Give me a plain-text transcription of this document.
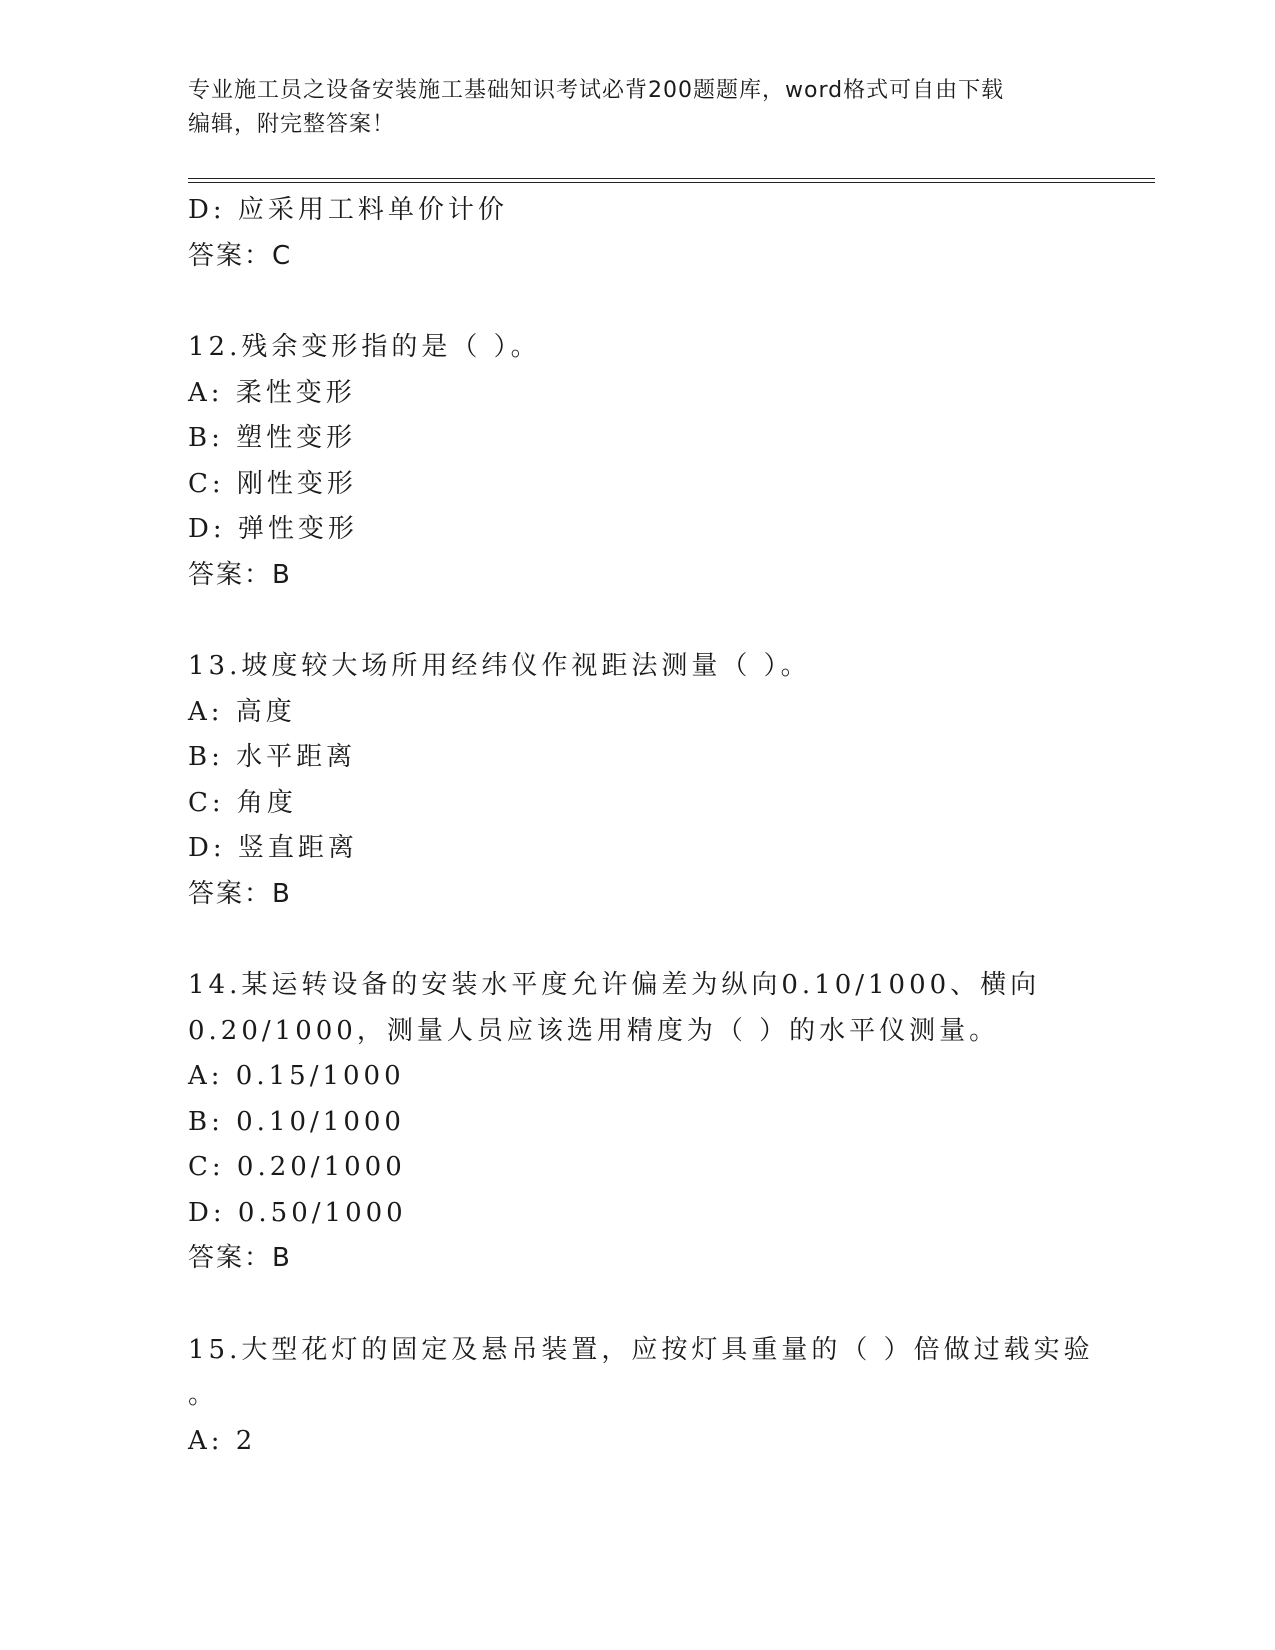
专业施工员之设备安装施工基础知识考试必背200题题库，word格式可自由下载
编辑，附完整答案！
D: 应采用工料单价计价
答案：C
12.残余变形指的是（ ）。
A: 柔性变形
B: 塑性变形
C: 刚性变形
D: 弹性变形
答案：B
13.坡度较大场所用经纬仪作视距法测量（ ）。
A: 高度
B: 水平距离
C: 角度
D: 竖直距离
答案：B
14.某运转设备的安装水平度允许偏差为纵向0.10/1000、横向
0.20/1000，测量人员应该选用精度为（ ）的水平仪测量。
A: 0.15/1000
B: 0.10/1000
C: 0.20/1000
D: 0.50/1000
答案：B
15.大型花灯的固定及悬吊装置，应按灯具重量的（ ）倍做过载实验
。
A: 2
